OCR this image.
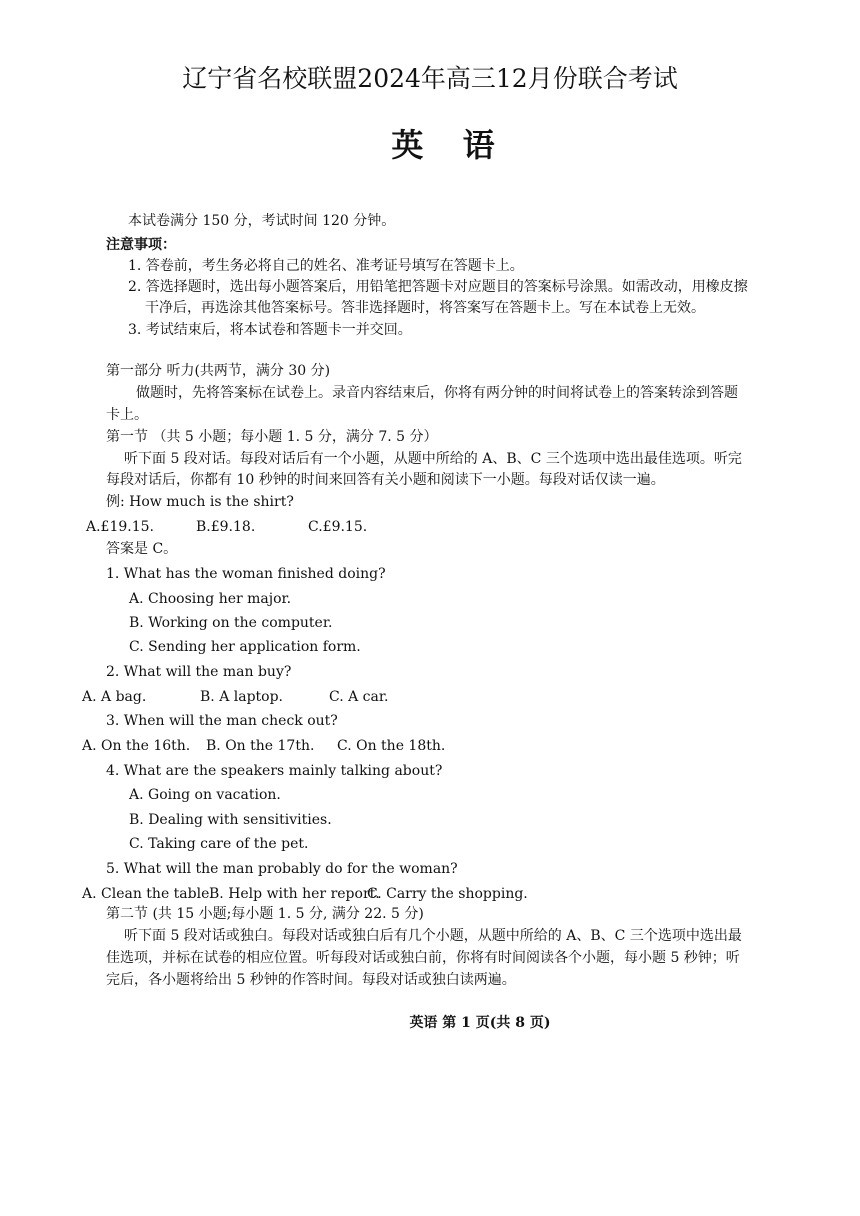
辽宁省名校联盟2024年高三12月份联合考试
英 语
本试卷满分 150 分，考试时间 120 分钟。
注意事项：
1. 答卷前，考生务必将自己的姓名、准考证号填写在答题卡上。
2. 答选择题时，选出每小题答案后，用铅笔把答题卡对应题目的答案标号涂黑。如需改动，用橡皮擦
干净后，再选涂其他答案标号。答非选择题时，将答案写在答题卡上。写在本试卷上无效。
3. 考试结束后，将本试卷和答题卡一并交回。
第一部分 听力(共两节，满分 30 分)
做题时，先将答案标在试卷上。录音内容结束后，你将有两分钟的时间将试卷上的答案转涂到答题
卡上。
第一节 （共 5 小题；每小题 1. 5 分，满分 7. 5 分）
听下面 5 段对话。每段对话后有一个小题，从题中所给的 A、B、C 三个选项中选出最佳选项。听完
每段对话后，你都有 10 秒钟的时间来回答有关小题和阅读下一小题。每段对话仅读一遍。
例: How much is the shirt?
A.£19.15.	B.£9.18.	C.£9.15.
答案是 C。
1. What has the woman finished doing?
A. Choosing her major.
B. Working on the computer.
C. Sending her application form.
2. What will the man buy?
A. A bag.	B. A laptop.	C. A car.
3. When will the man check out?
A. On the 16th. B. On the 17th. C. On the 18th.
4. What are the speakers mainly talking about?
A. Going on vacation.
B. Dealing with sensitivities.
C. Taking care of the pet.
5. What will the man probably do for the woman?
A. Clean the table.
B. Help with her report.
C. Carry the shopping.
第二节 (共 15 小题;每小题 1. 5 分, 满分 22. 5 分)
听下面 5 段对话或独白。每段对话或独白后有几个小题，从题中所给的 A、B、C 三个选项中选出最
佳选项，并标在试卷的相应位置。听每段对话或独白前，你将有时间阅读各个小题，每小题 5 秒钟；听
完后，各小题将给出 5 秒钟的作答时间。每段对话或独白读两遍。
英语 第 1 页(共 8 页)
